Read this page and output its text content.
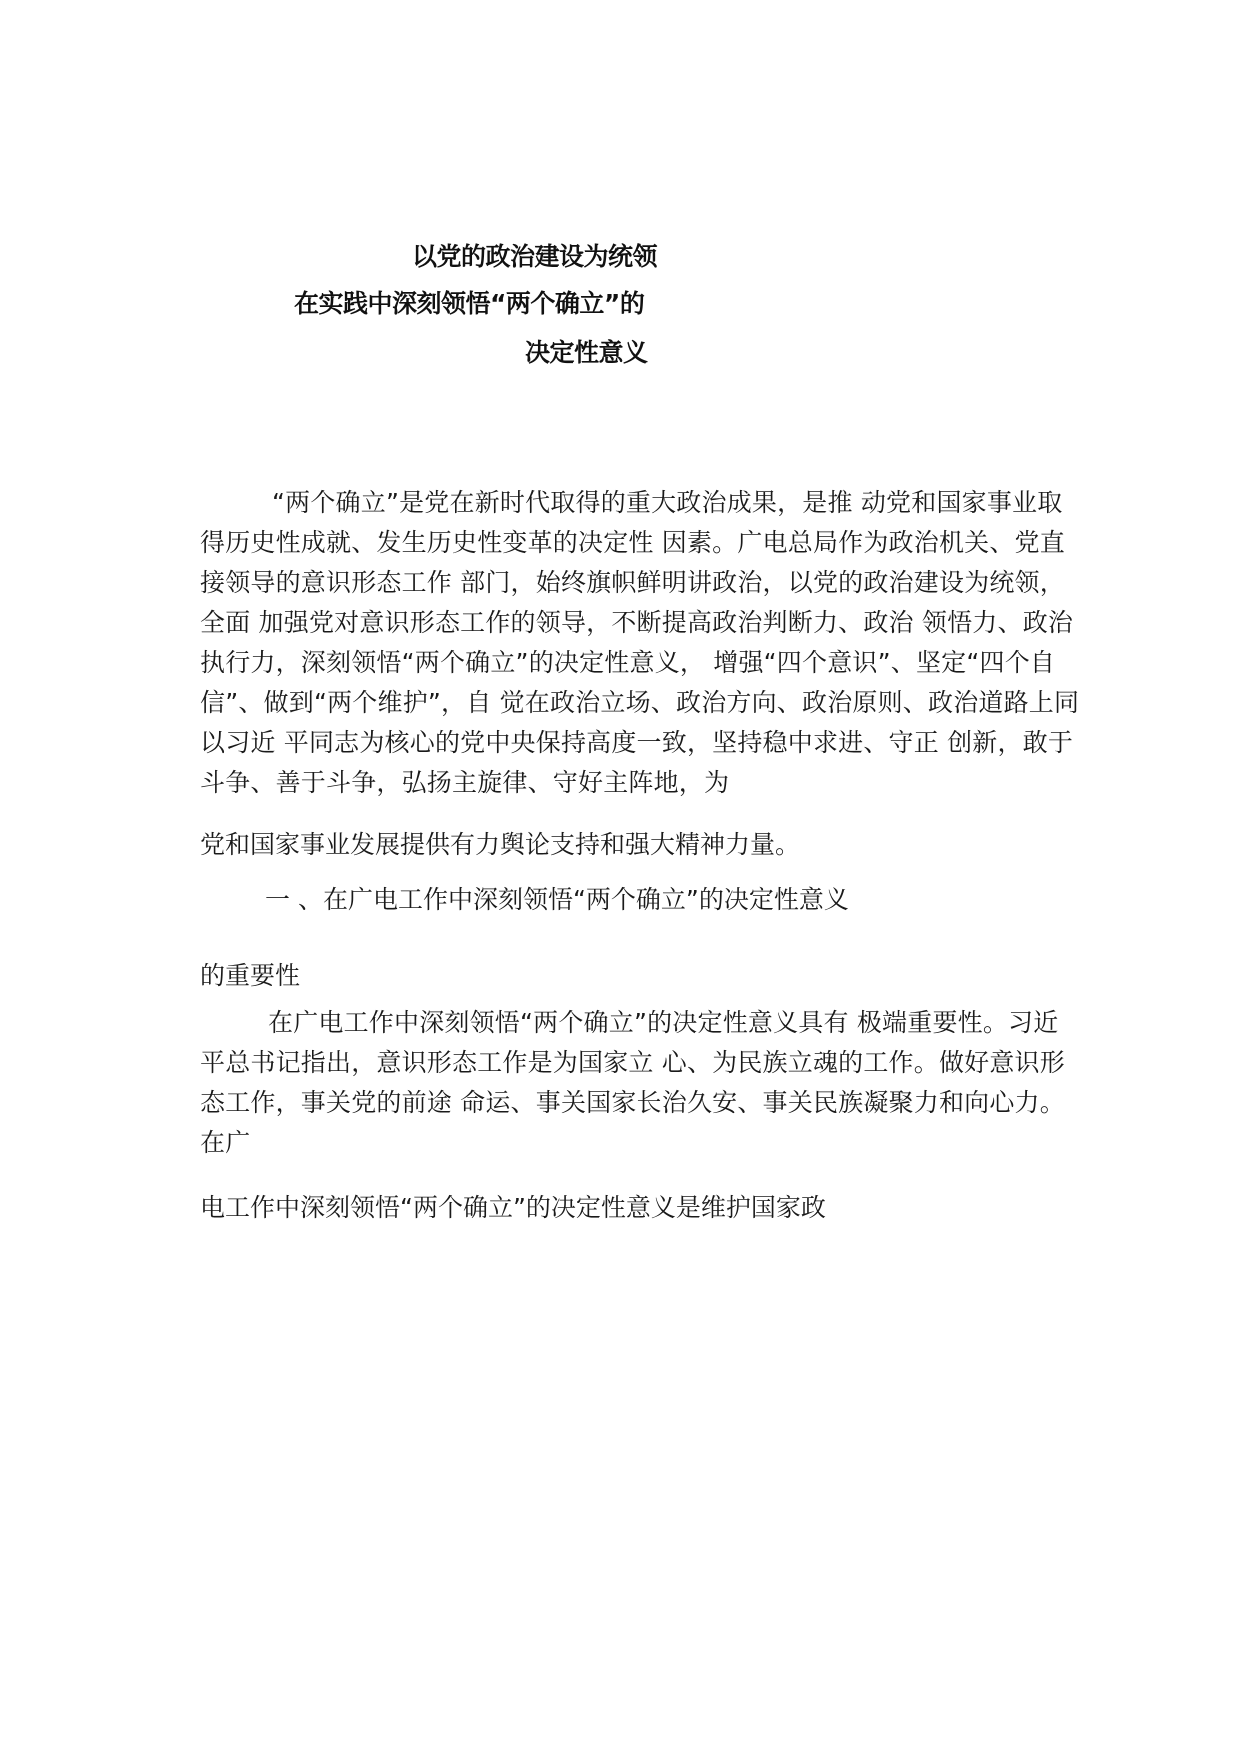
以党的政治建设为统领
在实践中深刻领悟“两个确立”的
决定性意义
“两个确立”是党在新时代取得的重大政治成果，是推 动党和国家事业取得历史性成就、发生历史性变革的决定性 因素。广电总局作为政治机关、党直接领导的意识形态工作 部门，始终旗帜鲜明讲政治，以党的政治建设为统领，全面 加强党对意识形态工作的领导，不断提高政治判断力、政治 领悟力、政治执行力，深刻领悟“两个确立”的决定性意义， 增强“四个意识”、坚定“四个自信”、做到“两个维护”，自 觉在政治立场、政治方向、政治原则、政治道路上同以习近 平同志为核心的党中央保持高度一致，坚持稳中求进、守正 创新，敢于斗争、善于斗争，弘扬主旋律、守好主阵地，为
党和国家事业发展提供有力舆论支持和强大精神力量。
一 、在广电工作中深刻领悟“两个确立”的决定性意义
的重要性
在广电工作中深刻领悟“两个确立”的决定性意义具有 极端重要性。习近平总书记指出，意识形态工作是为国家立 心、为民族立魂的工作。做好意识形态工作，事关党的前途 命运、事关国家长治久安、事关民族凝聚力和向心力。在广
电工作中深刻领悟“两个确立”的决定性意义是维护国家政
